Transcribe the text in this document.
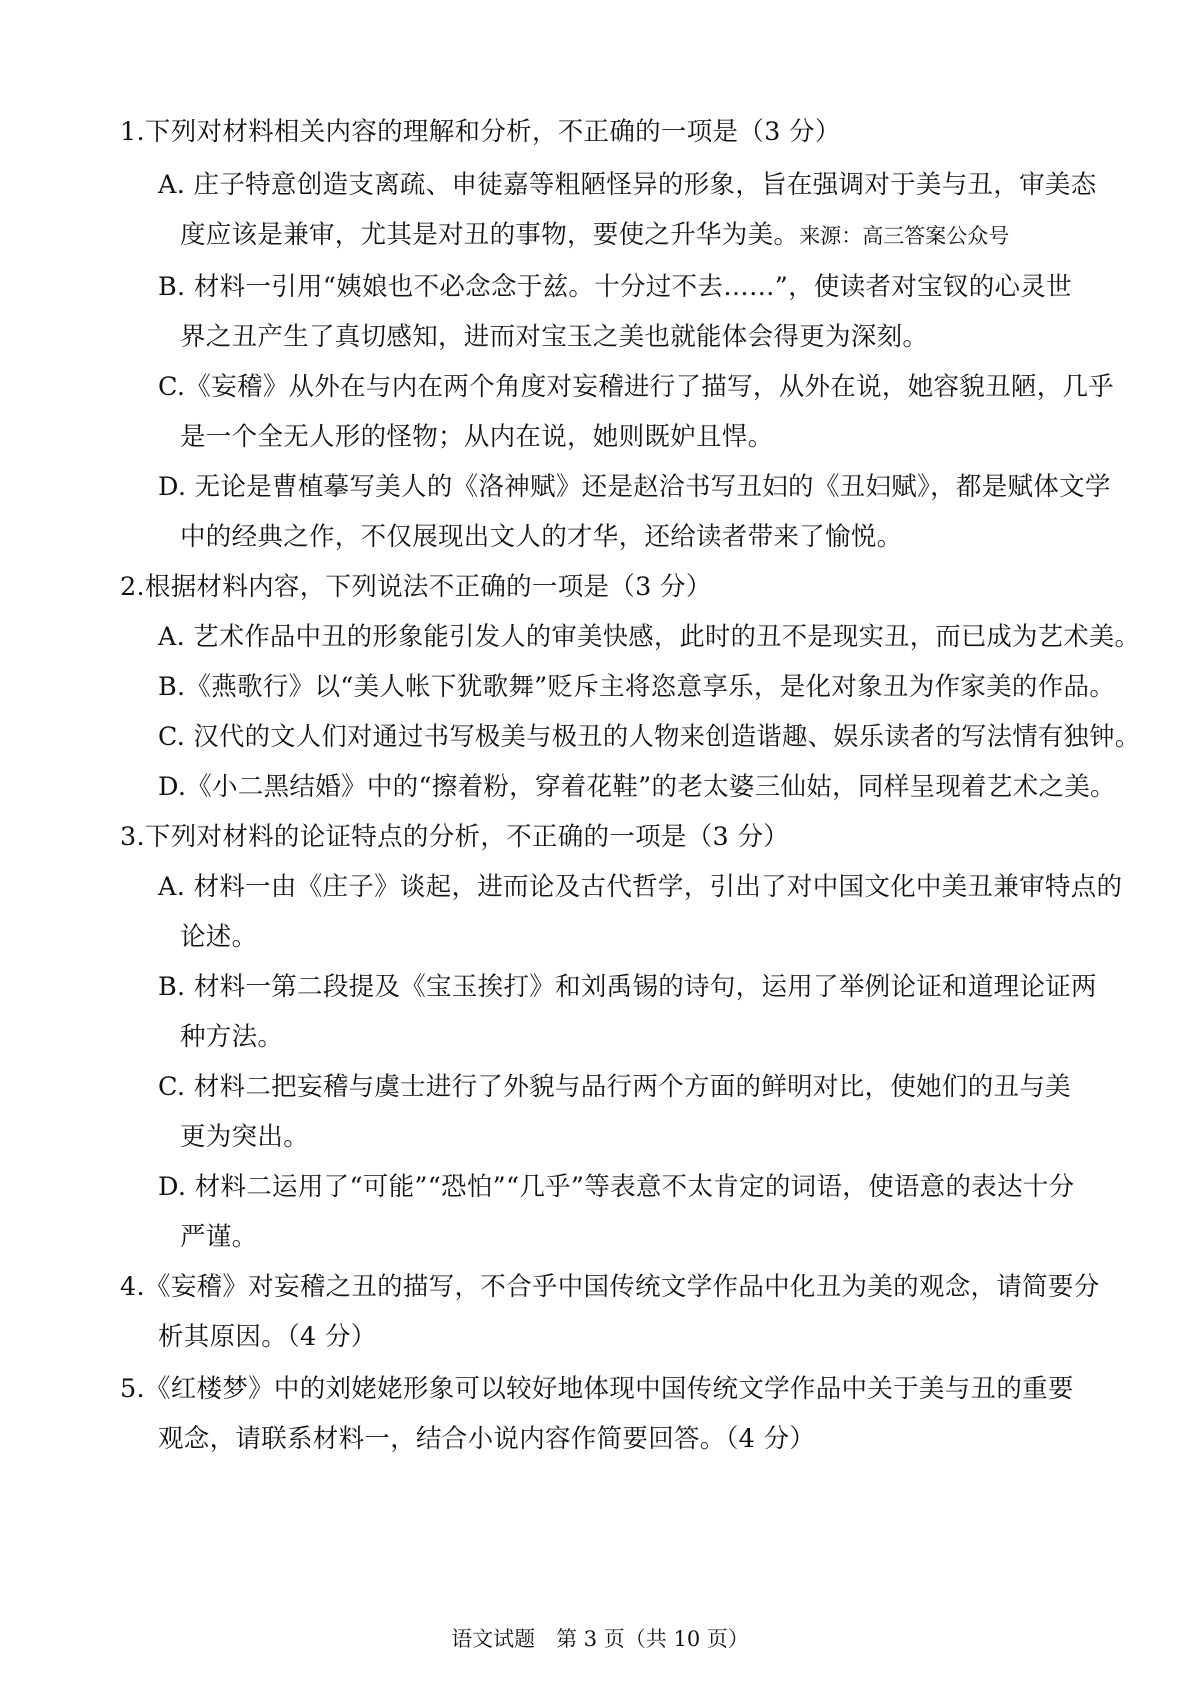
1.下列对材料相关内容的理解和分析，不正确的一项是（3 分）
A. 庄子特意创造支离疏、申徒嘉等粗陋怪异的形象，旨在强调对于美与丑，审美态
度应该是兼审，尤其是对丑的事物，要使之升华为美。来源：高三答案公众号
B. 材料一引用“姨娘也不必念念于兹。十分过不去……”，使读者对宝钗的心灵世
界之丑产生了真切感知，进而对宝玉之美也就能体会得更为深刻。
C.《妄稽》从外在与内在两个角度对妄稽进行了描写，从外在说，她容貌丑陋，几乎
是一个全无人形的怪物；从内在说，她则既妒且悍。
D. 无论是曹植摹写美人的《洛神赋》还是赵洽书写丑妇的《丑妇赋》，都是赋体文学
中的经典之作，不仅展现出文人的才华，还给读者带来了愉悦。
2.根据材料内容，下列说法不正确的一项是（3 分）
A. 艺术作品中丑的形象能引发人的审美快感，此时的丑不是现实丑，而已成为艺术美。
B.《燕歌行》以“美人帐下犹歌舞”贬斥主将恣意享乐，是化对象丑为作家美的作品。
C. 汉代的文人们对通过书写极美与极丑的人物来创造谐趣、娱乐读者的写法情有独钟。
D.《小二黑结婚》中的“擦着粉，穿着花鞋”的老太婆三仙姑，同样呈现着艺术之美。
3.下列对材料的论证特点的分析，不正确的一项是（3 分）
A. 材料一由《庄子》谈起，进而论及古代哲学，引出了对中国文化中美丑兼审特点的
论述。
B. 材料一第二段提及《宝玉挨打》和刘禹锡的诗句，运用了举例论证和道理论证两
种方法。
C. 材料二把妄稽与虞士进行了外貌与品行两个方面的鲜明对比，使她们的丑与美
更为突出。
D. 材料二运用了“可能”“恐怕”“几乎”等表意不太肯定的词语，使语意的表达十分
严谨。
4.《妄稽》对妄稽之丑的描写，不合乎中国传统文学作品中化丑为美的观念，请简要分
析其原因。（4 分）
5.《红楼梦》中的刘姥姥形象可以较好地体现中国传统文学作品中关于美与丑的重要
观念，请联系材料一，结合小说内容作简要回答。（4 分）
语文试题　第 3 页（共 10 页）
